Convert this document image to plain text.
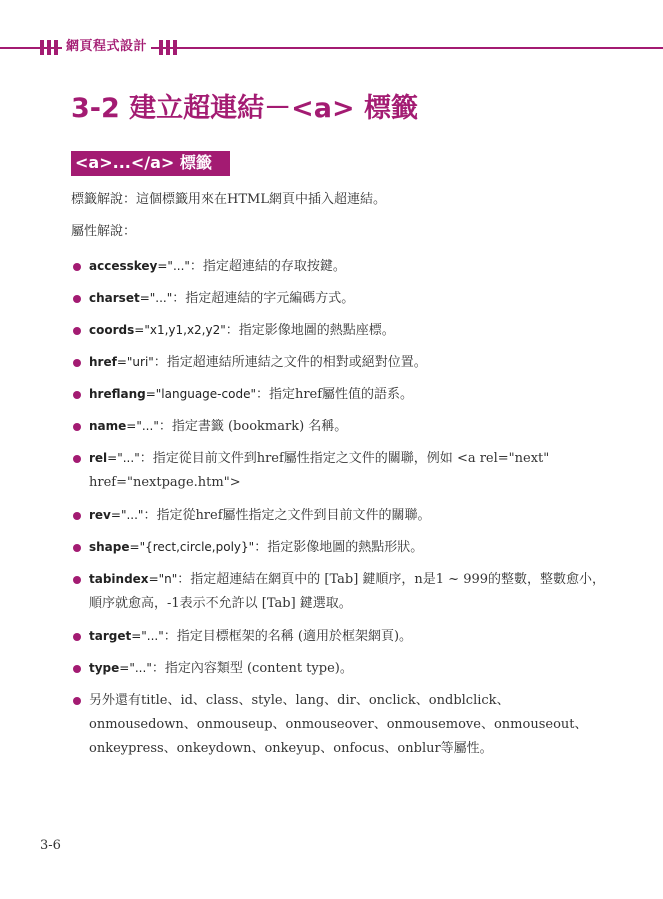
網頁程式設計
3-2 建立超連結－<a> 標籤
<a>...</a> 標籤
標籤解說：這個標籤用來在HTML網頁中插入超連結。
屬性解說：
accesskey="..."：指定超連結的存取按鍵。
charset="..."：指定超連結的字元編碼方式。
coords="x1,y1,x2,y2"：指定影像地圖的熱點座標。
href="uri"：指定超連結所連結之文件的相對或絕對位置。
hreflang="language-code"：指定href屬性值的語系。
name="..."：指定書籤 (bookmark) 名稱。
rel="..."：指定從目前文件到href屬性指定之文件的關聯，例如 <a rel="next" href="nextpage.htm">
rev="..."：指定從href屬性指定之文件到目前文件的關聯。
shape="{rect,circle,poly}"：指定影像地圖的熱點形狀。
tabindex="n"：指定超連結在網頁中的 [Tab] 鍵順序，n是1 ~ 999的整數，整數愈小，順序就愈高，-1表示不允許以 [Tab] 鍵選取。
target="..."：指定目標框架的名稱 (適用於框架網頁)。
type="..."：指定內容類型 (content type)。
另外還有title、id、class、style、lang、dir、onclick、ondblclick、onmousedown、onmouseup、onmouseover、onmousemove、onmouseout、onkeypress、onkeydown、onkeyup、onfocus、onblur等屬性。
3-6
